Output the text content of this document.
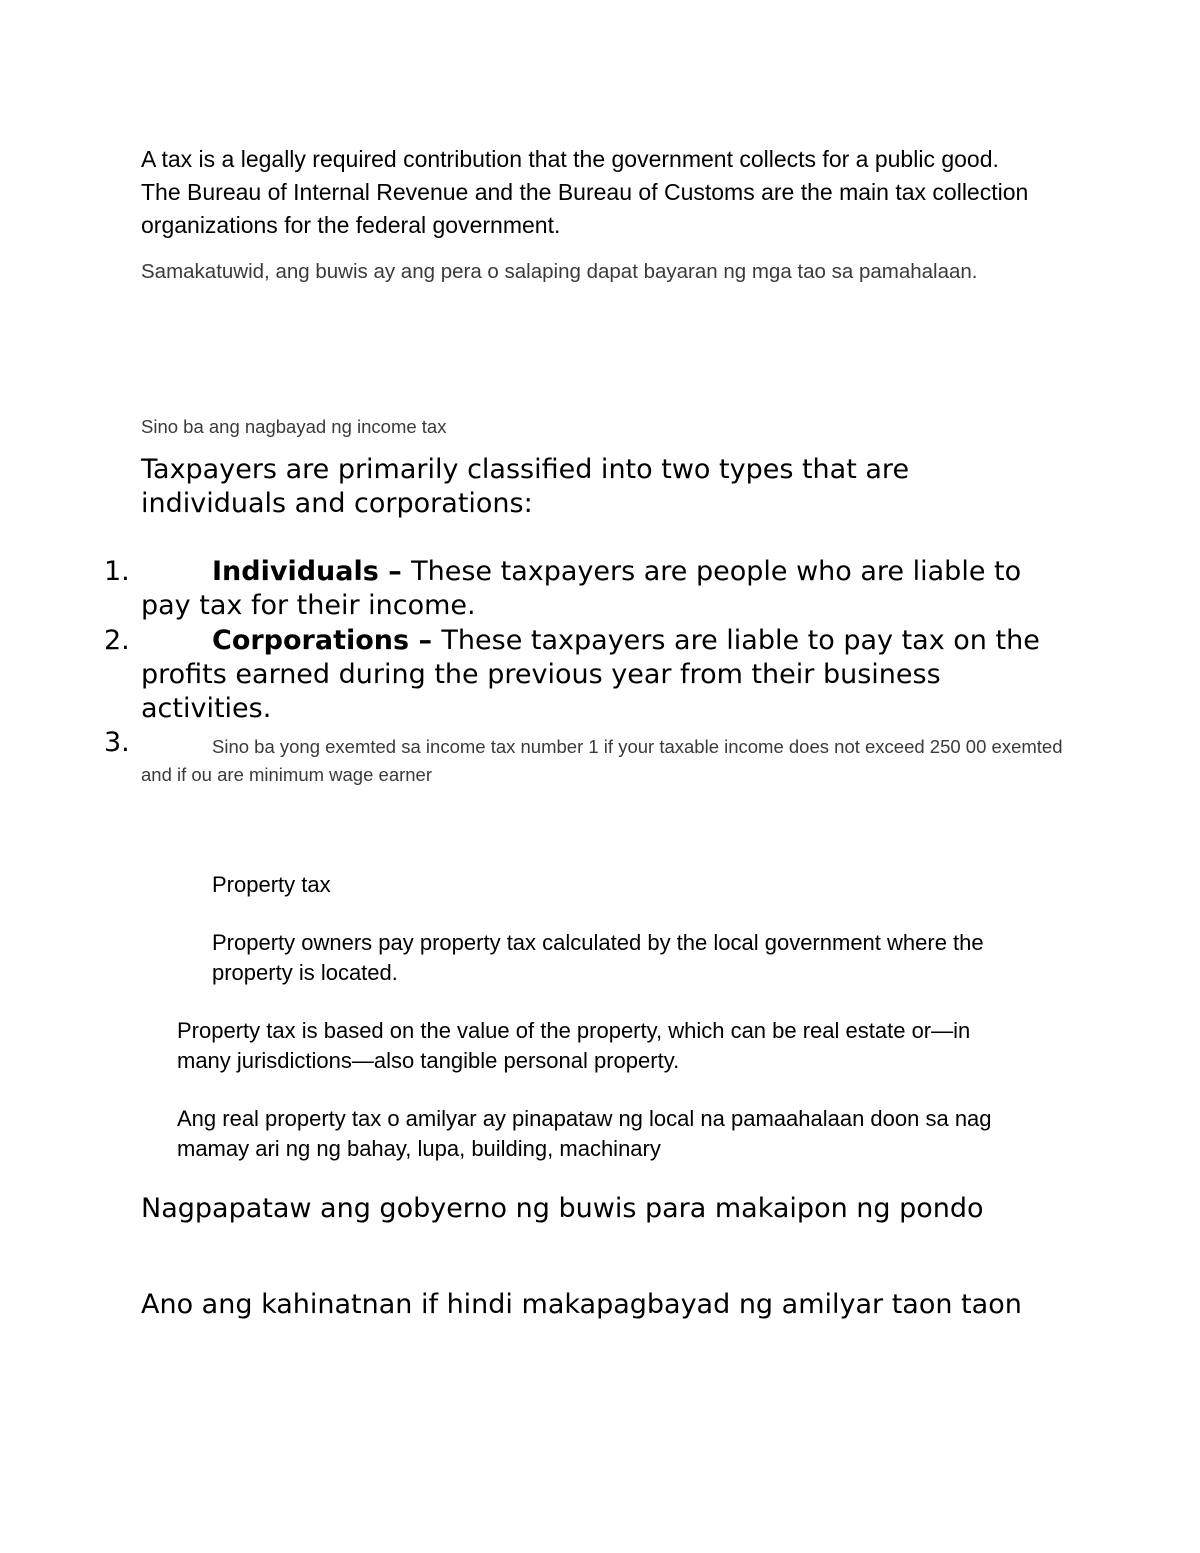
A tax is a legally required contribution that the government collects for a public good. The Bureau of Internal Revenue and the Bureau of Customs are the main tax collection organizations for the federal government.

Samakatuwid, ang buwis ay ang pera o salaping dapat bayaran ng mga tao sa pamahalaan.

Sino ba ang nagbayad ng income tax

Taxpayers are primarily classified into two types that are individuals and corporations:

1.	Individuals – These taxpayers are people who are liable to pay tax for their income.
2.	Corporations – These taxpayers are liable to pay tax on the profits earned during the previous year from their business activities.
3.	Sino ba yong exemted sa income tax number 1 if your taxable income does not exceed 250 00 exemted and if ou are minimum wage earner

Property tax

Property owners pay property tax calculated by the local government where the property is located.

Property tax is based on the value of the property, which can be real estate or—in many jurisdictions—also tangible personal property.

Ang real property tax o amilyar ay pinapataw ng local na pamaahalaan doon sa nag mamay ari ng ng bahay, lupa, building, machinary

Nagpapataw ang gobyerno ng buwis para makaipon ng pondo

Ano ang kahinatnan if hindi makapagbayad ng amilyar taon taon
